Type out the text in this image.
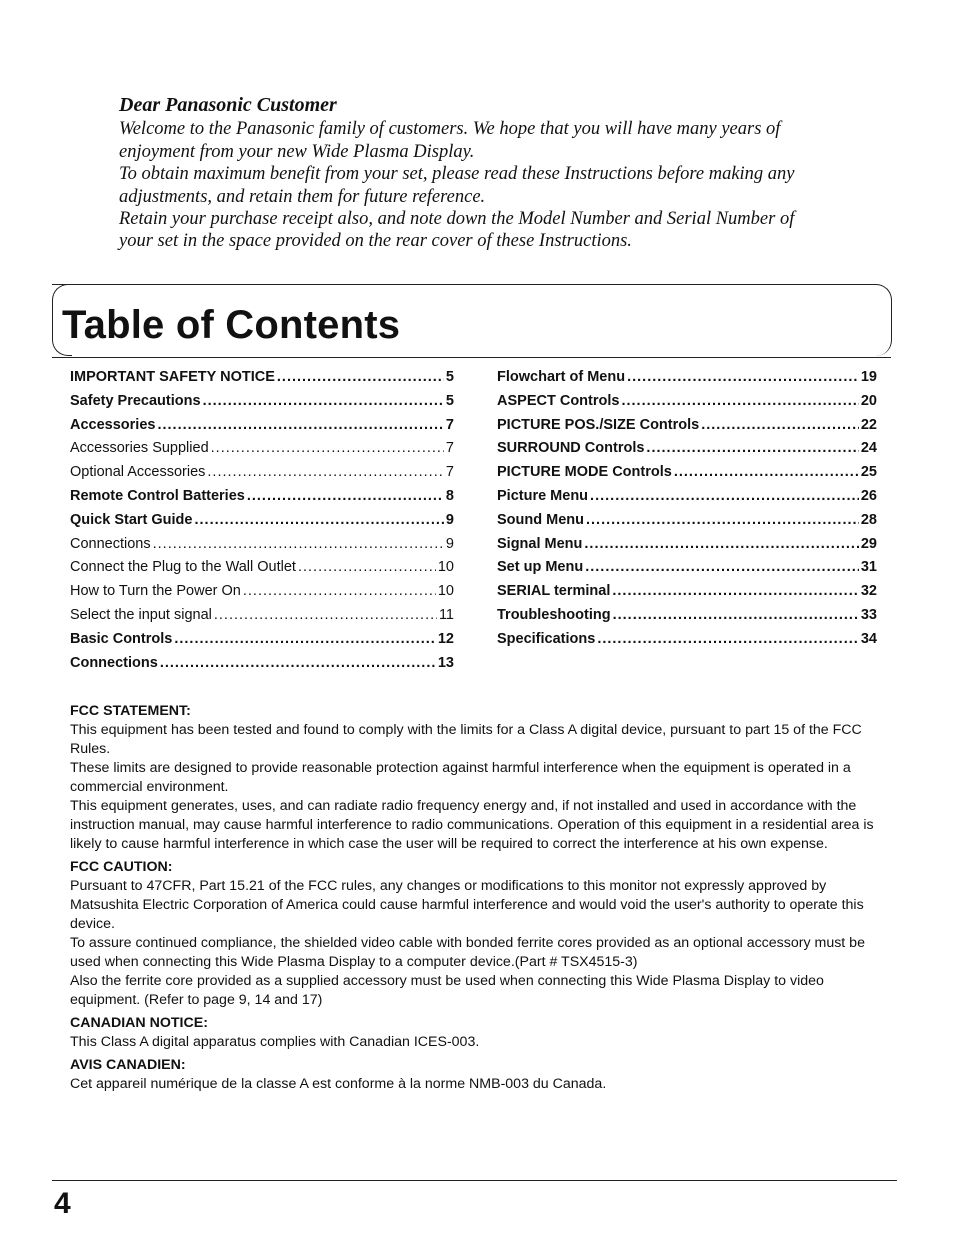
Dear Panasonic Customer

Welcome to the Panasonic family of customers. We hope that you will have many years of

enjoyment from your new Wide Plasma Display.

To obtain maximum benefit from your set, please read these Instructions before making any

adjustments, and retain them for future reference.

Retain your purchase receipt also, and note down the Model Number and Serial Number of

your set in the space provided on the rear cover of these Instructions.

Table of Contents
IMPORTANT SAFETY NOTICE .....	5
Safety Precautions .....	5
Accessories .....	7
Accessories Supplied .....	7
Optional Accessories .....	7
Remote Control Batteries .....	8
Quick Start Guide .....	9
Connections .....	9
Connect the Plug to the Wall Outlet .....	10
How to Turn the Power On .....	10
Select the input signal .....	11
Basic Controls .....	12
Connections .....	13
Flowchart of Menu .....	19
ASPECT Controls .....	20
PICTURE POS./SIZE Controls .....	22
SURROUND Controls .....	24
PICTURE MODE Controls .....	25
Picture Menu .....	26
Sound Menu .....	28
Signal Menu .....	29
Set up Menu .....	31
SERIAL terminal .....	32
Troubleshooting .....	33
Specifications .....	34
FCC STATEMENT:

This equipment has been tested and found to comply with the limits for a Class A digital device, pursuant to part 15 of the FCC Rules.

These limits are designed to provide reasonable protection against harmful interference when the equipment is operated in a commercial environment.

This equipment generates, uses, and can radiate radio frequency energy and, if not installed and used in accordance with the instruction manual, may cause harmful interference to radio communications. Operation of this equipment in a residential area is likely to cause harmful interference in which case the user will be required to correct the interference at his own expense.

FCC CAUTION:

Pursuant to 47CFR, Part 15.21 of the FCC rules, any changes or modifications to this monitor not expressly approved by Matsushita Electric Corporation of America could cause harmful interference and would void the user's authority to operate this device.

To assure continued compliance, the shielded video cable with bonded ferrite cores provided as an optional accessory must be used when connecting this Wide Plasma Display to a computer device.(Part # TSX4515-3)

Also the ferrite core provided as a supplied accessory must be used when connecting this Wide Plasma Display to video equipment. (Refer to page 9, 14 and 17)

CANADIAN NOTICE:

This Class A digital apparatus complies with Canadian ICES-003.

AVIS CANADIEN:

Cet appareil numérique de la classe A est conforme à la norme NMB-003 du Canada.

4
